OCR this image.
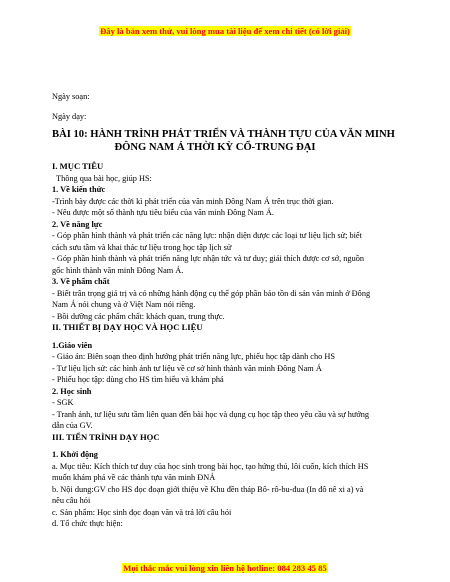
Đây là bản xem thử, vui lòng mua tài liệu để xem chi tiết (có lời giải)
Ngày soạn:
Ngày dạy:
BÀI 10: HÀNH TRÌNH PHÁT TRIỂN VÀ THÀNH TỰU CỦA VĂN MINH
ĐÔNG NAM Á THỜI KỲ CỔ-TRUNG ĐẠI
I. MỤC TIÊU
Thông qua bài học, giúp HS:
1. Về kiến thức
-Trình bày được các thời kì phát triển của văn minh Đông Nam Á trên trục thời gian.
- Nêu được một số thành tựu tiêu biểu của văn minh Đông Nam Á.
2. Về năng lực
- Góp phần hình thành và phát triển các năng lực: nhận diện được các loại tư liệu lịch sử; biết
cách sưu tầm và khai thác tư liệu trong học tập lịch sử
- Góp phần hình thành và phát triển năng lực nhận tức và tư duy; giải thích được cơ sở, nguồn
gốc hình thành văn minh Đông Nam Á.
3. Về phẩm chất
- Biết trân trọng giá trị và có những hành động cụ thể góp phần bảo tồn di sản văn minh ở Đông
Nam Á nói chung và ở Việt Nam nói riêng.
- Bồi dưỡng các phẩm chất: khách quan, trung thực.
II. THIẾT BỊ DẠY HỌC VÀ HỌC LIỆU
1.Giáo viên
- Giáo án: Biên soạn theo định hướng phát triển năng lực, phiếu học tập dành cho HS
- Tư liệu lịch sử: các hình ảnh tư liệu về cơ sở hình thành văn minh Đông Nam Á
- Phiếu học tập: dùng cho HS tìm hiểu và khám phá
2. Học sinh
- SGK
- Tranh ảnh, tư liệu sưu tầm liên quan đến bài học và dụng cụ học tập theo yêu cầu và sự hướng
dẫn của GV.
III. TIẾN TRÌNH DẠY HỌC
1. Khởi động
a. Mục tiêu: Kích thích tư duy của học sinh trong bài học, tạo hứng thú, lôi cuốn, kích thích HS
muốn khám phá về các thành tựu văn minh ĐNÁ
b. Nội dung:GV cho HS đọc đoạn giới thiệu về Khu đền tháp Bô- rô-bu-đua (In đô nê xi a) và
nêu câu hỏi
c. Sản phẩm: Học sinh đọc đoạn văn và trả lời câu hỏi
d. Tổ chức thực hiện:
Mọi thắc mắc vui lòng xin liên hệ hotline: 084 283 45 85
